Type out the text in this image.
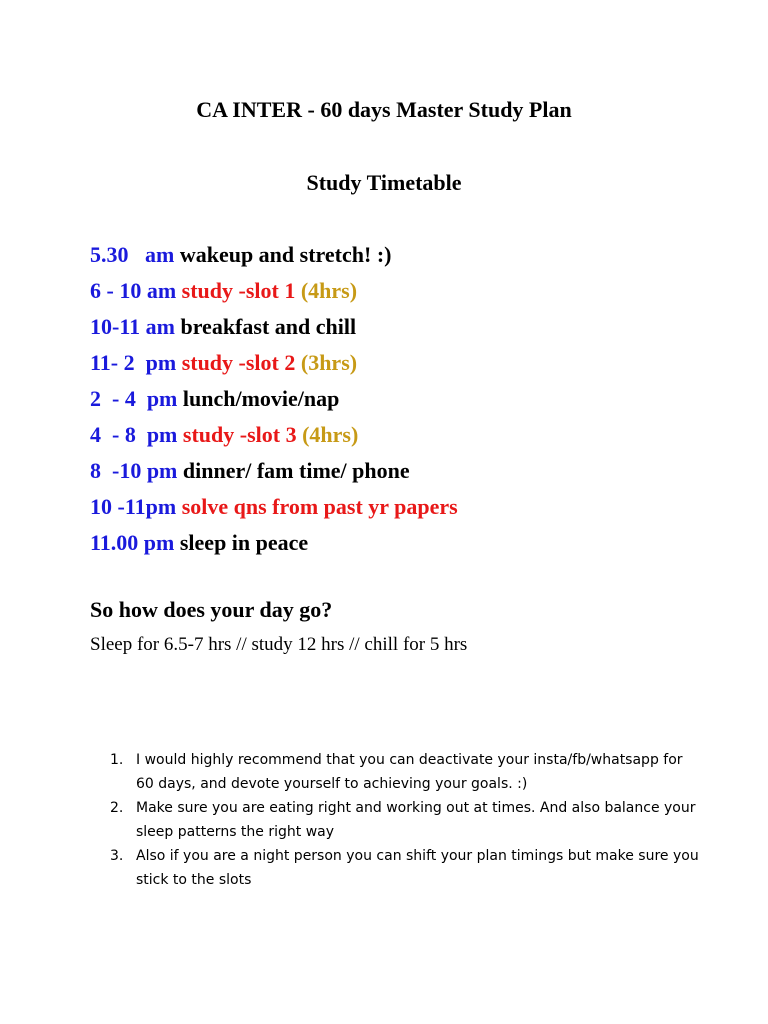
CA INTER - 60 days Master Study Plan
Study Timetable
5.30   am wakeup and stretch! :)
6 - 10 am study -slot 1 (4hrs)
10-11 am breakfast and chill
11- 2  pm study -slot 2 (3hrs)
2  - 4  pm lunch/movie/nap
4  - 8  pm study -slot 3 (4hrs)
8  -10 pm dinner/ fam time/ phone
10 -11pm solve qns from past yr papers
11.00 pm sleep in peace
So how does your day go?
Sleep for 6.5-7 hrs // study 12 hrs // chill for 5 hrs
1. I would highly recommend that you can deactivate your insta/fb/whatsapp for 60 days, and devote yourself to achieving your goals. :)
2. Make sure you are eating right and working out at times. And also balance your sleep patterns the right way
3. Also if you are a night person you can shift your plan timings but make sure you stick to the slots
